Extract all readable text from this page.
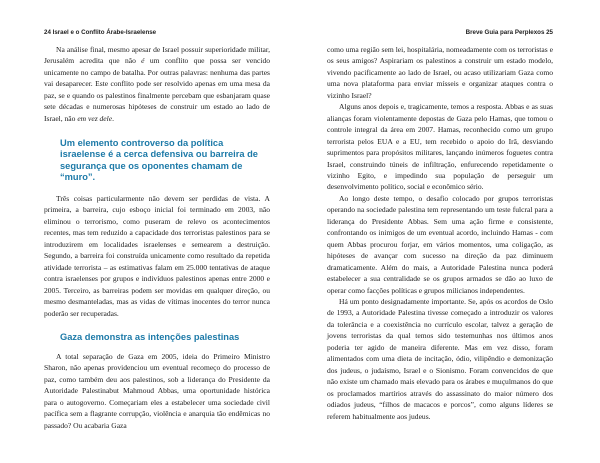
24 Israel e o Conflito Árabe-Israelense

Na análise final, mesmo apesar de Israel possuir superioridade militar, Jerusalém acredita que não é um conflito que possa ser vencido unicamente no campo de batalha. Por outras palavras: nenhuma das partes vai desaparecer. Este conflito pode ser resolvido apenas em uma mesa da paz, se e quando os palestinos finalmente percebam que esbanjaram quase sete décadas e numerosas hipóteses de construir um estado ao lado de Israel, não em vez dele.

Um elemento controverso da política israelense é a cerca defensiva ou barreira de segurança que os oponentes chamam de “muro”.

Três coisas particularmente não devem ser perdidas de vista. A primeira, a barreira, cujo esboço inicial foi terminado em 2003, não eliminou o terrorismo, como puseram de relevo os acontecimentos recentes, mas tem reduzido a capacidade dos terroristas palestinos para se introduzirem em localidades israelenses e semearem a destruição. Segundo, a barreira foi construída unicamente como resultado da repetida atividade terrorista – as estimativas falam em 25.000 tentativas de ataque contra israelenses por grupos e indivíduos palestinos apenas entre 2000 e 2005. Terceiro, as barreiras podem ser movidas em qualquer direção, ou mesmo desmanteladas, mas as vidas de vítimas inocentes do terror nunca poderão ser recuperadas.

Gaza demonstra as intenções palestinas

A total separação de Gaza em 2005, ideia do Primeiro Ministro Sharon, não apenas providenciou um eventual recomeço do processo de paz, como também deu aos palestinos, sob a liderança do Presidente da Autoridade Palestinabut Mahmoud Abbas, uma oportunidade histórica para o autogoverno. Começariam eles a estabelecer uma sociedade civil pacífica sem a flagrante corrupção, violência e anarquia tão endêmicas no passado? Ou acabaria Gaza

Breve Guia para Perplexos 25

como uma região sem lei, hospitalária, nomeadamente com os terroristas e os seus amigos? Aspirariam os palestinos a construir um estado modelo, vivendo pacificamente ao lado de Israel, ou acaso utilizariam Gaza como uma nova plataforma para enviar mísseis e organizar ataques contra o vizinho Israel?

Alguns anos depois e, tragicamente, temos a resposta. Abbas e as suas alianças foram violentamente depostas de Gaza pelo Hamas, que tomou o controle integral da área em 2007. Hamas, reconhecido como um grupo terrorista pelos EUA e a EU, tem recebido o apoio do Irã, desviando suprimentos para propósitos militares, lançando inúmeros foguetes contra Israel, construindo túneis de infiltração, enfurecendo repetidamente o vizinho Egito, e impedindo sua população de perseguir um desenvolvimento político, social e econômico sério.

Ao longo deste tempo, o desafio colocado por grupos terroristas operando na sociedade palestina tem representando um teste fulcral para a liderança do Presidente Abbas. Sem uma ação firme e consistente, confrontando os inimigos de um eventual acordo, incluindo Hamas - com quem Abbas procurou forjar, em vários momentos, uma coligação, as hipóteses de avançar com sucesso na direção da paz diminuem dramaticamente. Além do mais, a Autoridade Palestina nunca poderá estabelecer a sua centralidade se os grupos armados se dão ao luxo de operar como facções políticas e grupos milicianos independentes.

Há um ponto designadamente importante. Se, após os acordos de Oslo de 1993, a Autoridade Palestina tivesse começado a introduzir os valores da tolerância e a coexistência no currículo escolar, talvez a geração de jovens terroristas da qual temos sido testemunhas nos últimos anos poderia ter agido de maneira diferente. Mas em vez disso, foram alimentados com uma dieta de incitação, ódio, vilipêndio e demonização dos judeus, o judaísmo, Israel e o Sionismo. Foram convencidos de que não existe um chamado mais elevado para os árabes e muçulmanos do que os proclamados martírios através do assassinato do maior número dos odiados judeus, “filhos de macacos e porcos”, como alguns líderes se referem habitualmente aos judeus.
